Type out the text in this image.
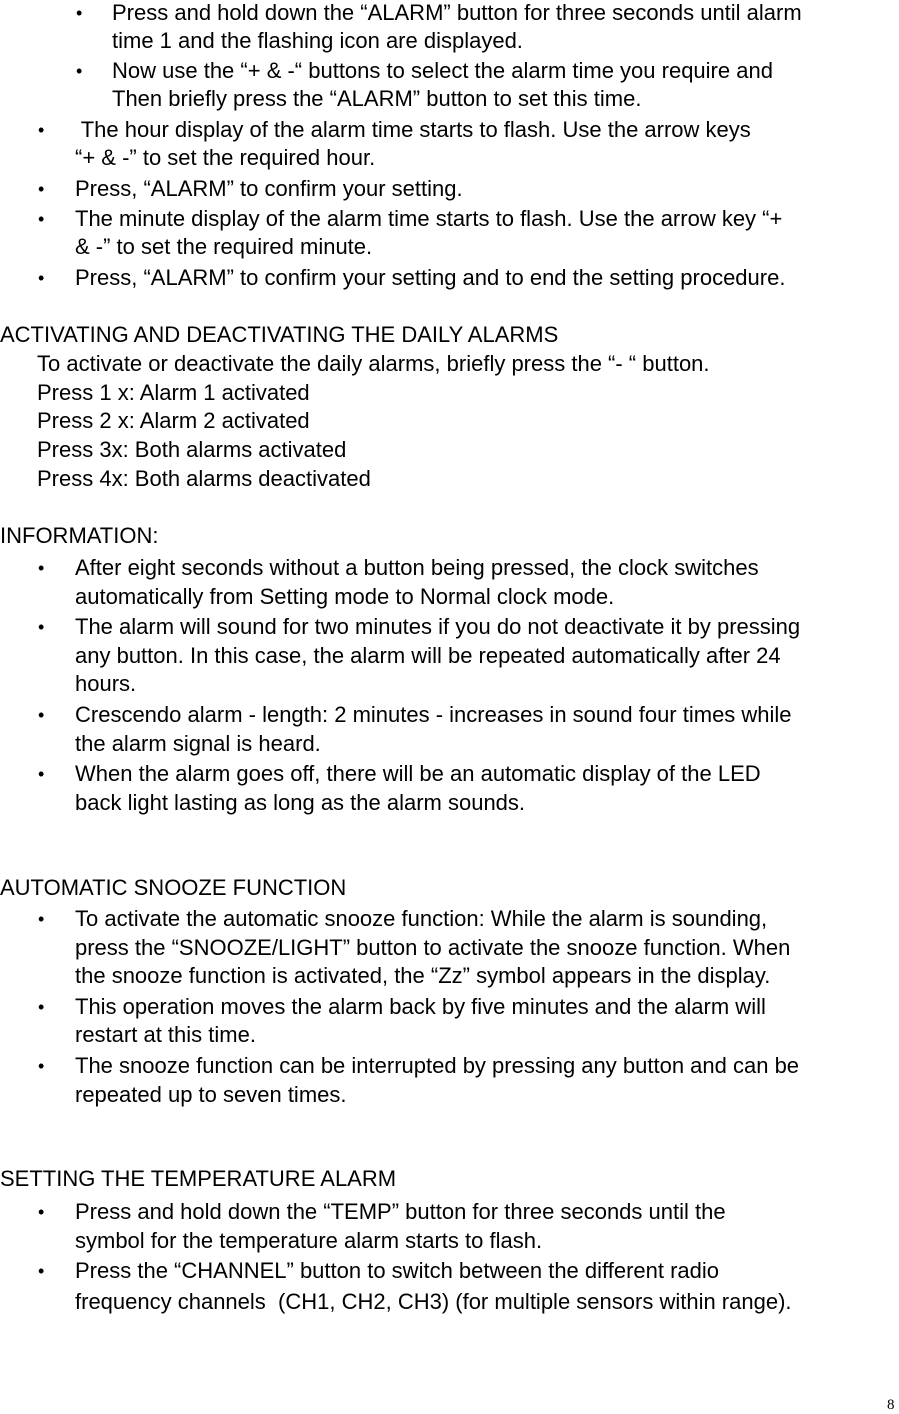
• Press and hold down the “ALARM” button for three seconds until alarm
time 1 and the flashing icon are displayed.
• Now use the “+ & -“ buttons to select the alarm time you require and
Then briefly press the “ALARM” button to set this time.
• The hour display of the alarm time starts to flash. Use the arrow keys
“+ & -” to set the required hour.
• Press, “ALARM” to confirm your setting.
• The minute display of the alarm time starts to flash. Use the arrow key “+
& -” to set the required minute.
• Press, “ALARM” to confirm your setting and to end the setting procedure.
ACTIVATING AND DEACTIVATING THE DAILY ALARMS
To activate or deactivate the daily alarms, briefly press the “- “ button.
Press 1 x: Alarm 1 activated
Press 2 x: Alarm 2 activated
Press 3x: Both alarms activated
Press 4x: Both alarms deactivated
INFORMATION:
• After eight seconds without a button being pressed, the clock switches
automatically from Setting mode to Normal clock mode.
• The alarm will sound for two minutes if you do not deactivate it by pressing
any button. In this case, the alarm will be repeated automatically after 24
hours.
• Crescendo alarm - length: 2 minutes - increases in sound four times while
the alarm signal is heard.
• When the alarm goes off, there will be an automatic display of the LED
back light lasting as long as the alarm sounds.
AUTOMATIC SNOOZE FUNCTION
• To activate the automatic snooze function: While the alarm is sounding,
press the “SNOOZE/LIGHT” button to activate the snooze function. When
the snooze function is activated, the “Zz” symbol appears in the display.
• This operation moves the alarm back by five minutes and the alarm will
restart at this time.
• The snooze function can be interrupted by pressing any button and can be
repeated up to seven times.
SETTING THE TEMPERATURE ALARM
• Press and hold down the “TEMP” button for three seconds until the
symbol for the temperature alarm starts to flash.
• Press the “CHANNEL” button to switch between the different radio
frequency channels  (CH1, CH2, CH3) (for multiple sensors within range).
8
